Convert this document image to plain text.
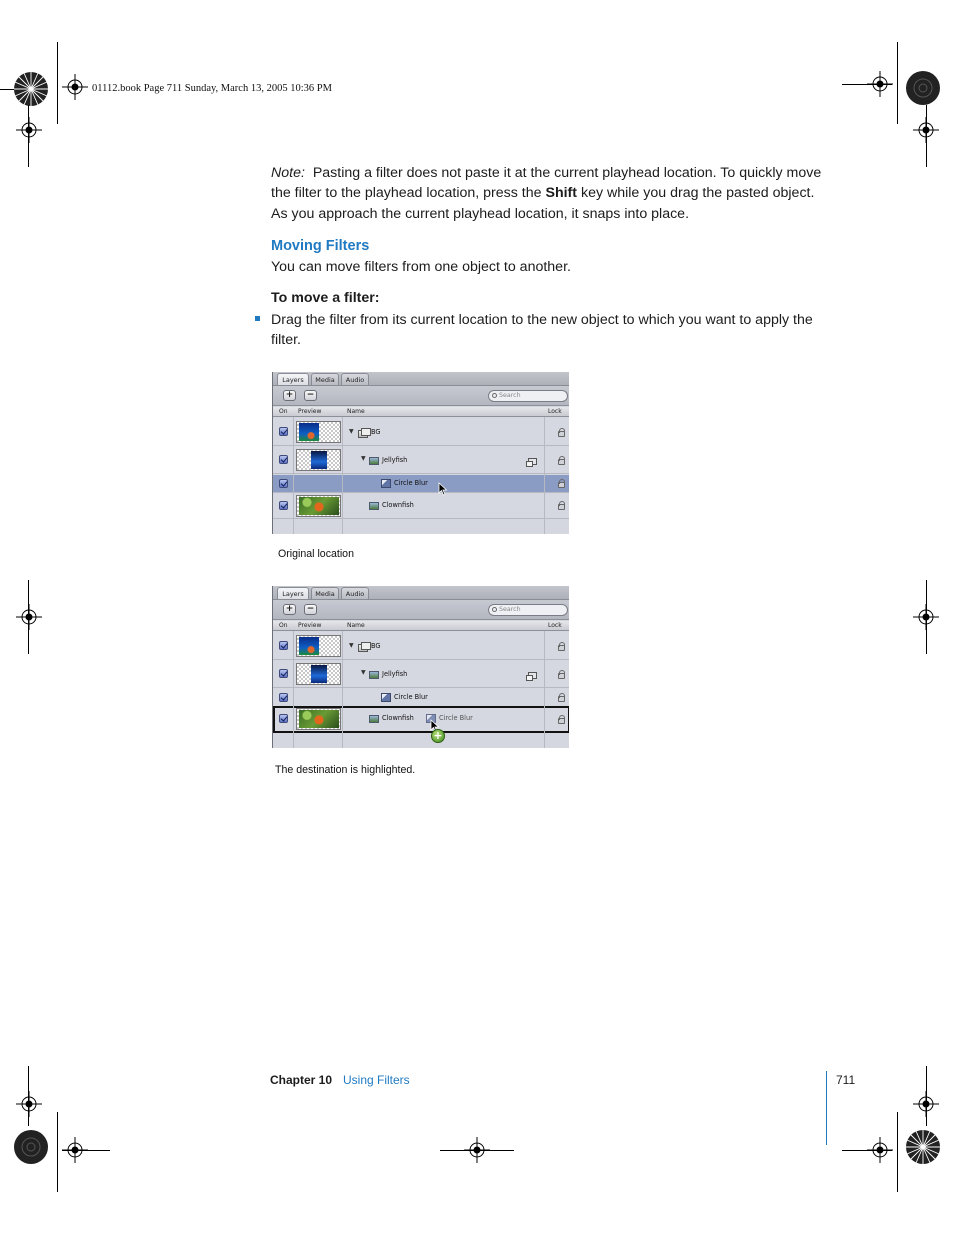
01112.book Page 711 Sunday, March 13, 2005 10:36 PM

Note: Pasting a filter does not paste it at the current playhead location. To quickly move the filter to the playhead location, press the Shift key while you drag the pasted object. As you approach the current playhead location, it snaps into place.

Moving Filters

You can move filters from one object to another.

To move a filter:

Drag the filter from its current location to the new object to which you want to apply the filter.

Layers	Media	Audio
+	−	Search
On Preview	Name	Lock
▼	BG
▼ Jellyfish
Circle Blur
Clownfish
Original location
Layers	Media	Audio
+	−	Search
On Preview	Name	Lock
▼	BG
▼ Jellyfish
Circle Blur
Clownfish	Circle Blur
+
The destination is highlighted.
Chapter 10 Using Filters	711
